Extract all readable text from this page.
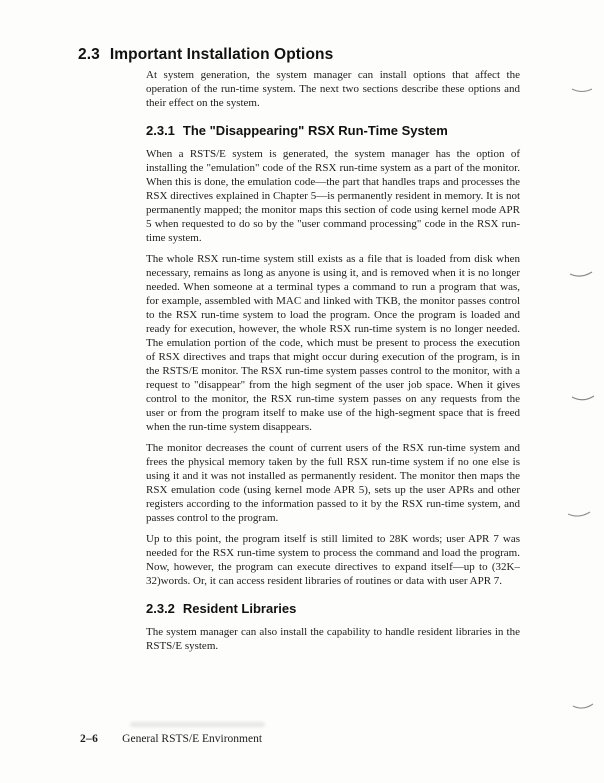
2.3 Important Installation Options

At system generation, the system manager can install options that affect the operation of the run-time system. The next two sections describe these options and their effect on the system.

2.3.1 The "Disappearing" RSX Run-Time System

When a RSTS/E system is generated, the system manager has the option of installing the "emulation" code of the RSX run-time system as a part of the monitor. When this is done, the emulation code—the part that handles traps and processes the RSX directives explained in Chapter 5—is permanently resident in memory. It is not permanently mapped; the monitor maps this section of code using kernel mode APR 5 when requested to do so by the "user command processing" code in the RSX run-time system.

The whole RSX run-time system still exists as a file that is loaded from disk when necessary, remains as long as anyone is using it, and is removed when it is no longer needed. When someone at a terminal types a command to run a program that was, for example, assembled with MAC and linked with TKB, the monitor passes control to the RSX run-time system to load the program. Once the program is loaded and ready for execution, however, the whole RSX run-time system is no longer needed. The emulation portion of the code, which must be present to process the execution of RSX directives and traps that might occur during execution of the program, is in the RSTS/E monitor. The RSX run-time system passes control to the monitor, with a request to "disappear" from the high segment of the user job space. When it gives control to the monitor, the RSX run-time system passes on any requests from the user or from the program itself to make use of the high-segment space that is freed when the run-time system disappears.

The monitor decreases the count of current users of the RSX run-time system and frees the physical memory taken by the full RSX run-time system if no one else is using it and it was not installed as permanently resident. The monitor then maps the RSX emulation code (using kernel mode APR 5), sets up the user APRs and other registers according to the information passed to it by the RSX run-time system, and passes control to the program.

Up to this point, the program itself is still limited to 28K words; user APR 7 was needed for the RSX run-time system to process the command and load the program. Now, however, the program can execute directives to expand itself—up to (32K–32)words. Or, it can access resident libraries of routines or data with user APR 7.

2.3.2 Resident Libraries

The system manager can also install the capability to handle resident libraries in the RSTS/E system.

2–6 General RSTS/E Environment
